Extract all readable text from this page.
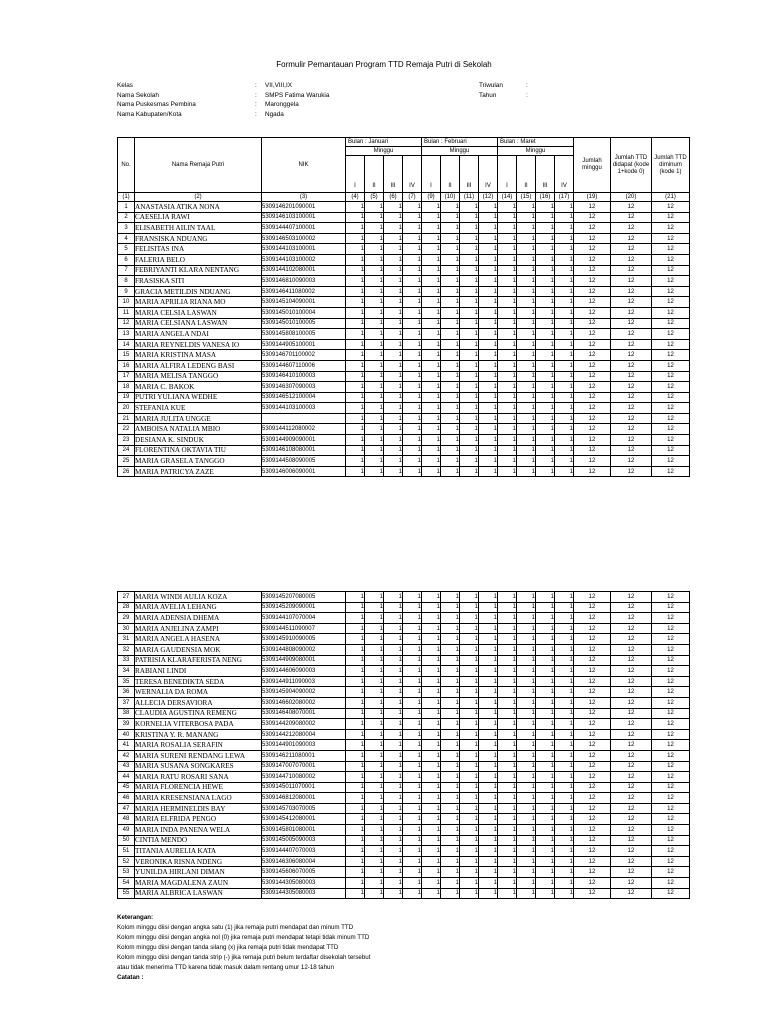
Formulir Pemantauan Program TTD Remaja Putri di Sekolah
Kelas	:	VII,VIII,IX
Nama Sekolah	:	SMPS Fatima Warukia
Nama Puskesmas Pembina	:	Maronggela
Nama Kabupaten/Kota	:	Ngada
Triwulan	:
Tahun	:
No.	Nama Remaja Putri	NIK	Bulan : Januari				Bulan : Februari				Bulan : Maret				Jumlah minggu	Jumlah TTD didapat (kode 1+kode 0)	Jumlah TTD diminum (kode 1)
			Minggu				Minggu				Minggu						
			I	II	III	IV	I	II	III	IV	I	II	III	IV			
(1)	(2)	(3)	(4)	(5)	(6)	(7)	(9)	(10)	(11)	(12)	(14)	(15)	(16)	(17)	(19)	(20)	(21)
1	ANASTASIA ATIKA NONA	5309146201090001	1	1	1	1	1	1	1	1	1	1	1	1	12	12	12
2	CAESELIA RAWI	5309146103100001	1	1	1	1	1	1	1	1	1	1	1	1	12	12	12
3	ELISABETH AILIN TAAL	5309144407100001	1	1	1	1	1	1	1	1	1	1	1	1	12	12	12
4	FRANSISKA NDUANG	5309146503100002	1	1	1	1	1	1	1	1	1	1	1	1	12	12	12
5	FELISITAS INA	5309144103100001	1	1	1	1	1	1	1	1	1	1	1	1	12	12	12
6	FALERIA BELO	5309144103100002	1	1	1	1	1	1	1	1	1	1	1	1	12	12	12
7	FEBRIYANTI KLARA NENTANG	5309144102080001	1	1	1	1	1	1	1	1	1	1	1	1	12	12	12
8	FRASISKA SITI	5309146810090003	1	1	1	1	1	1	1	1	1	1	1	1	12	12	12
9	GRACIA METILDIS NDUANG	5309146411080002	1	1	1	1	1	1	1	1	1	1	1	1	12	12	12
10	MARIA APRILIA RIANA MO	5309145104090001	1	1	1	1	1	1	1	1	1	1	1	1	12	12	12
11	MARIA CELSIA LASWAN	5309145010100004	1	1	1	1	1	1	1	1	1	1	1	1	12	12	12
12	MARIA CELSIANA LASWAN	5309145010100005	1	1	1	1	1	1	1	1	1	1	1	1	12	12	12
13	MARIA ANGELA NDAI	5309145808100005	1	1	1	1	1	1	1	1	1	1	1	1	12	12	12
14	MARIA REYNELDIS VANESA IO	5309144905100001	1	1	1	1	1	1	1	1	1	1	1	1	12	12	12
15	MARIA KRISTINA MASA	5309146701100002	1	1	1	1	1	1	1	1	1	1	1	1	12	12	12
16	MARIA ALFIRA LEDENG BASI	5309144607110006	1	1	1	1	1	1	1	1	1	1	1	1	12	12	12
17	MARIA MELISA TANGGO	5309146410100003	1	1	1	1	1	1	1	1	1	1	1	1	12	12	12
18	MARIA C. BAKOK	5309146307090003	1	1	1	1	1	1	1	1	1	1	1	1	12	12	12
19	PUTRI YULIANA WEDHE	5309146512100004	1	1	1	1	1	1	1	1	1	1	1	1	12	12	12
20	STEFANIA KUE	5309144103100003	1	1	1	1	1	1	1	1	1	1	1	1	12	12	12
21	MARIA JULITA UNGGE		1	1	1	1	1	1	1	1	1	1	1	1	12	12	12
22	AMBOISA NATALIA MBIO	5309144112080002	1	1	1	1	1	1	1	1	1	1	1	1	12	12	12
23	DESIANA K. SINDUK	5309144909090001	1	1	1	1	1	1	1	1	1	1	1	1	12	12	12
24	FLORENTINA OKTAVIA TIU	5309146108080001	1	1	1	1	1	1	1	1	1	1	1	1	12	12	12
25	MARIA GRASELA TANGGO	5309144508090005	1	1	1	1	1	1	1	1	1	1	1	1	12	12	12
26	MARIA PATRICYA ZAZE	5309146006090001	1	1	1	1	1	1	1	1	1	1	1	1	12	12	12
27	MARIA WINDI AULIA KOZA	5309145207080005	1	1	1	1	1	1	1	1	1	1	1	1	12	12	12
28	MARIA AVELIA LEHANG	5309145209090001	1	1	1	1	1	1	1	1	1	1	1	1	12	12	12
29	MARIA ADENSIA DHEMA	5309144107070004	1	1	1	1	1	1	1	1	1	1	1	1	12	12	12
30	MARIA ANJELINA ZAMPI	5309144511090007	1	1	1	1	1	1	1	1	1	1	1	1	12	12	12
31	MARIA ANGELA HASENA	5309145910090005	1	1	1	1	1	1	1	1	1	1	1	1	12	12	12
32	MARIA GAUDENSIA MOK	5309144808090002	1	1	1	1	1	1	1	1	1	1	1	1	12	12	12
33	PATRISIA KLARAFERISTA NENG	5309144909080001	1	1	1	1	1	1	1	1	1	1	1	1	12	12	12
34	RABIANI LINDI	5309144606090003	1	1	1	1	1	1	1	1	1	1	1	1	12	12	12
35	TERESA BENEDIKTA SEDA	5309144911090003	1	1	1	1	1	1	1	1	1	1	1	1	12	12	12
36	WERNALIA DA ROMA	5309145904090002	1	1	1	1	1	1	1	1	1	1	1	1	12	12	12
37	ALLECIA DERSAVIORA	5309146602080002	1	1	1	1	1	1	1	1	1	1	1	1	12	12	12
38	CLAUDIA AGUSTINA REMENG	5309146408070001	1	1	1	1	1	1	1	1	1	1	1	1	12	12	12
39	KORNELIA VITERBOSA PADA	5309144209080002	1	1	1	1	1	1	1	1	1	1	1	1	12	12	12
40	KRISTINA Y. R. MANANG	5309144212080004	1	1	1	1	1	1	1	1	1	1	1	1	12	12	12
41	MARIA ROSALIA SERAFIN	5309144901090003	1	1	1	1	1	1	1	1	1	1	1	1	12	12	12
42	MARIA SURENI RENDANG LEWA	5309146211080001	1	1	1	1	1	1	1	1	1	1	1	1	12	12	12
43	MARIA SUSANA SONGKARES	5309147007070001	1	1	1	1	1	1	1	1	1	1	1	1	12	12	12
44	MARIA RATU ROSARI SANA	5309144710080002	1	1	1	1	1	1	1	1	1	1	1	1	12	12	12
45	MARIA FLORENCIA HEWE	5309145011070001	1	1	1	1	1	1	1	1	1	1	1	1	12	12	12
46	MARIA KRESENSIANA LAGO	5309146812080001	1	1	1	1	1	1	1	1	1	1	1	1	12	12	12
47	MARIA HERMINELDIS BAY	5309145703070005	1	1	1	1	1	1	1	1	1	1	1	1	12	12	12
48	MARIA ELFRIDA PENGO	5309145412080001	1	1	1	1	1	1	1	1	1	1	1	1	12	12	12
49	MARIA INDA PANENA WELA	5309145801080001	1	1	1	1	1	1	1	1	1	1	1	1	12	12	12
50	CINTIA MENDO	5309145005090003	1	1	1	1	1	1	1	1	1	1	1	1	12	12	12
51	TITANIA AURELIA KATA	5309144407070003	1	1	1	1	1	1	1	1	1	1	1	1	12	12	12
52	VERONIKA RISNA NDENG	5309146306080004	1	1	1	1	1	1	1	1	1	1	1	1	12	12	12
53	YUNILDA HIRLANI DIMAN	5309145606070005	1	1	1	1	1	1	1	1	1	1	1	1	12	12	12
54	MARIA MAGDALENA ZAUN	5309144305080003	1	1	1	1	1	1	1	1	1	1	1	1	12	12	12
55	MARIA ALBRICA LASWAN	5309144305080003	1	1	1	1	1	1	1	1	1	1	1	1	12	12	12
Keterangan:
Kolom minggu diisi dengan angka satu (1) jika remaja putri mendapat dan minum TTD
Kolom minggu diisi dengan angka nol (0) jika remaja putri mendapat tetapi tidak minum TTD
Kolom minggu diisi dengan tanda silang (x) jika remaja putri tidak mendapat TTD
Kolom minggu diisi dengan tanda strip (-) jika remaja putri belum terdaftar disekolah tersebut
atau tidak menerima TTD karena tidak masuk dalam rentang umur 12-18 tahun
Catatan :
